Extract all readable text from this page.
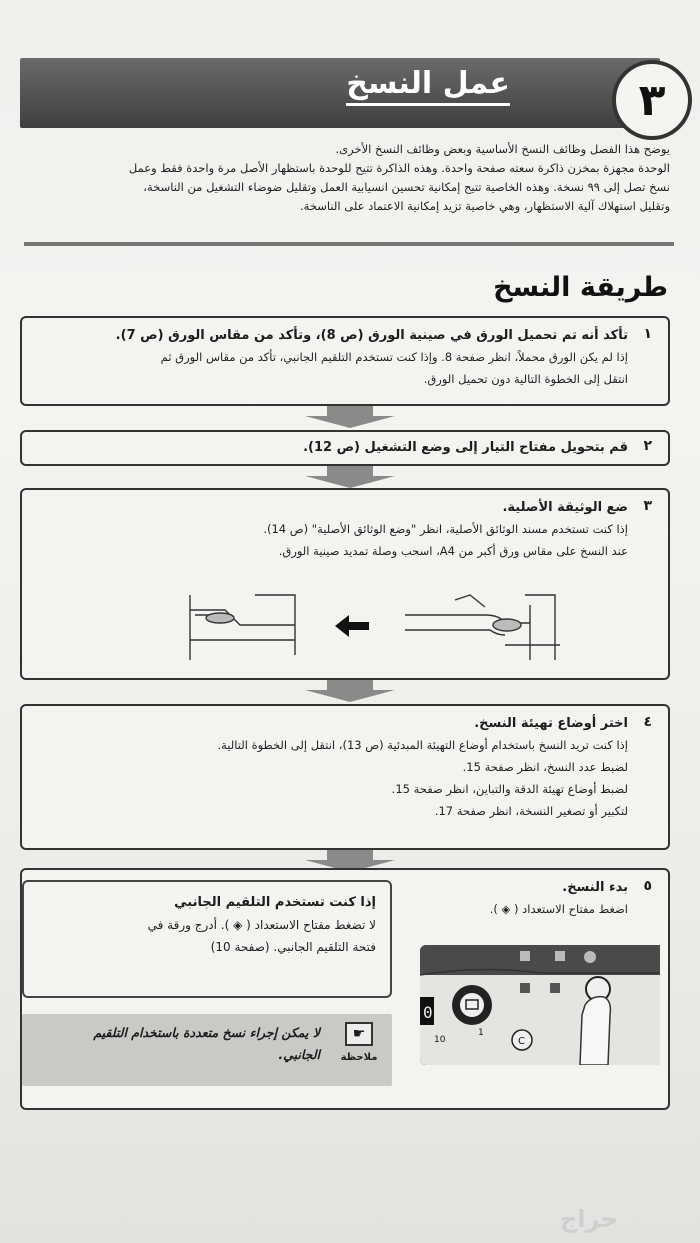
عمل النسخ	٣
يوضح هذا الفصل وظائف النسخ الأساسية وبعض وظائف النسخ الأخرى.
الوحدة مجهزة بمخزن ذاكرة سعته صفحة واحدة. وهذه الذاكرة تتيح للوحدة باستظهار الأصل مرة واحدة فقط وعمل
نسخ تصل إلى ٩٩ نسخة. وهذه الخاصية تتيح إمكانية تحسين انسيابية العمل وتقليل ضوضاء التشغيل من الناسخة،
وتقليل استهلاك آلية الاستظهار، وهي خاصية تزيد إمكانية الاعتماد على الناسخة.
طريقة النسخ
١
تأكد أنه تم تحميل الورق في صينية الورق (ص 8)، وتأكد من مقاس الورق (ص 7).
إذا لم يكن الورق محملاً، انظر صفحة 8. وإذا كنت تستخدم التلقيم الجانبي، تأكد من مقاس الورق ثم
انتقل إلى الخطوة التالية دون تحميل الورق.
٢
قم بتحويل مفتاح التيار إلى وضع التشغيل (ص 12).
٣
ضع الوثيقة الأصلية.
إذا كنت تستخدم مسند الوثائق الأصلية، انظر "وضع الوثائق الأصلية" (ص 14).
عند النسخ على مقاس ورق أكبر من A4، اسحب وصلة تمديد صينية الورق.
٤
اختر أوضاع تهيئة النسخ.
إذا كنت تريد النسخ باستخدام أوضاع التهيئة المبدئية (ص 13)، انتقل إلى الخطوة التالية.
لضبط عدد النسخ، انظر صفحة 15.
لضبط أوضاع تهيئة الدقة والتباين، انظر صفحة 15.
لتكبير أو تصغير النسخة، انظر صفحة 17.
٥
بدء النسخ.
اضغط مفتاح الاستعداد ( ◈ ).
إذا كنت تستخدم التلقيم الجانبي
لا تضغط مفتاح الاستعداد ( ◈ ). أدرج ورقة في
فتحة التلقيم الجانبي. (صفحة 10)
☛
ملاحظة
لا يمكن إجراء نسخ متعددة باستخدام التلقيم
الجانبي.
0
10
1
C
حراج
